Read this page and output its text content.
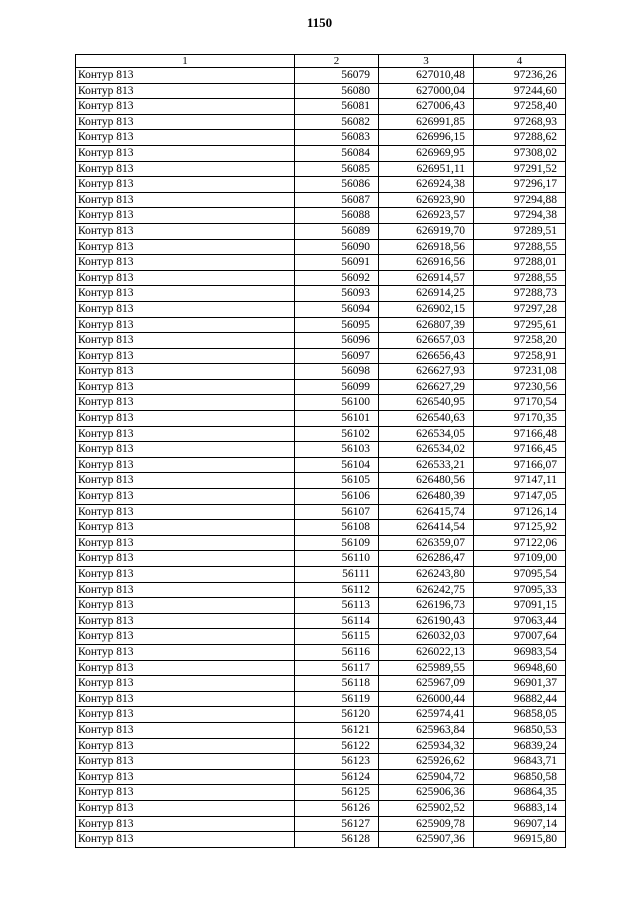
1150
1	2	3	4
Контур 813	56079	627010,48	97236,26
Контур 813	56080	627000,04	97244,60
Контур 813	56081	627006,43	97258,40
Контур 813	56082	626991,85	97268,93
Контур 813	56083	626996,15	97288,62
Контур 813	56084	626969,95	97308,02
Контур 813	56085	626951,11	97291,52
Контур 813	56086	626924,38	97296,17
Контур 813	56087	626923,90	97294,88
Контур 813	56088	626923,57	97294,38
Контур 813	56089	626919,70	97289,51
Контур 813	56090	626918,56	97288,55
Контур 813	56091	626916,56	97288,01
Контур 813	56092	626914,57	97288,55
Контур 813	56093	626914,25	97288,73
Контур 813	56094	626902,15	97297,28
Контур 813	56095	626807,39	97295,61
Контур 813	56096	626657,03	97258,20
Контур 813	56097	626656,43	97258,91
Контур 813	56098	626627,93	97231,08
Контур 813	56099	626627,29	97230,56
Контур 813	56100	626540,95	97170,54
Контур 813	56101	626540,63	97170,35
Контур 813	56102	626534,05	97166,48
Контур 813	56103	626534,02	97166,45
Контур 813	56104	626533,21	97166,07
Контур 813	56105	626480,56	97147,11
Контур 813	56106	626480,39	97147,05
Контур 813	56107	626415,74	97126,14
Контур 813	56108	626414,54	97125,92
Контур 813	56109	626359,07	97122,06
Контур 813	56110	626286,47	97109,00
Контур 813	56111	626243,80	97095,54
Контур 813	56112	626242,75	97095,33
Контур 813	56113	626196,73	97091,15
Контур 813	56114	626190,43	97063,44
Контур 813	56115	626032,03	97007,64
Контур 813	56116	626022,13	96983,54
Контур 813	56117	625989,55	96948,60
Контур 813	56118	625967,09	96901,37
Контур 813	56119	626000,44	96882,44
Контур 813	56120	625974,41	96858,05
Контур 813	56121	625963,84	96850,53
Контур 813	56122	625934,32	96839,24
Контур 813	56123	625926,62	96843,71
Контур 813	56124	625904,72	96850,58
Контур 813	56125	625906,36	96864,35
Контур 813	56126	625902,52	96883,14
Контур 813	56127	625909,78	96907,14
Контур 813	56128	625907,36	96915,80
